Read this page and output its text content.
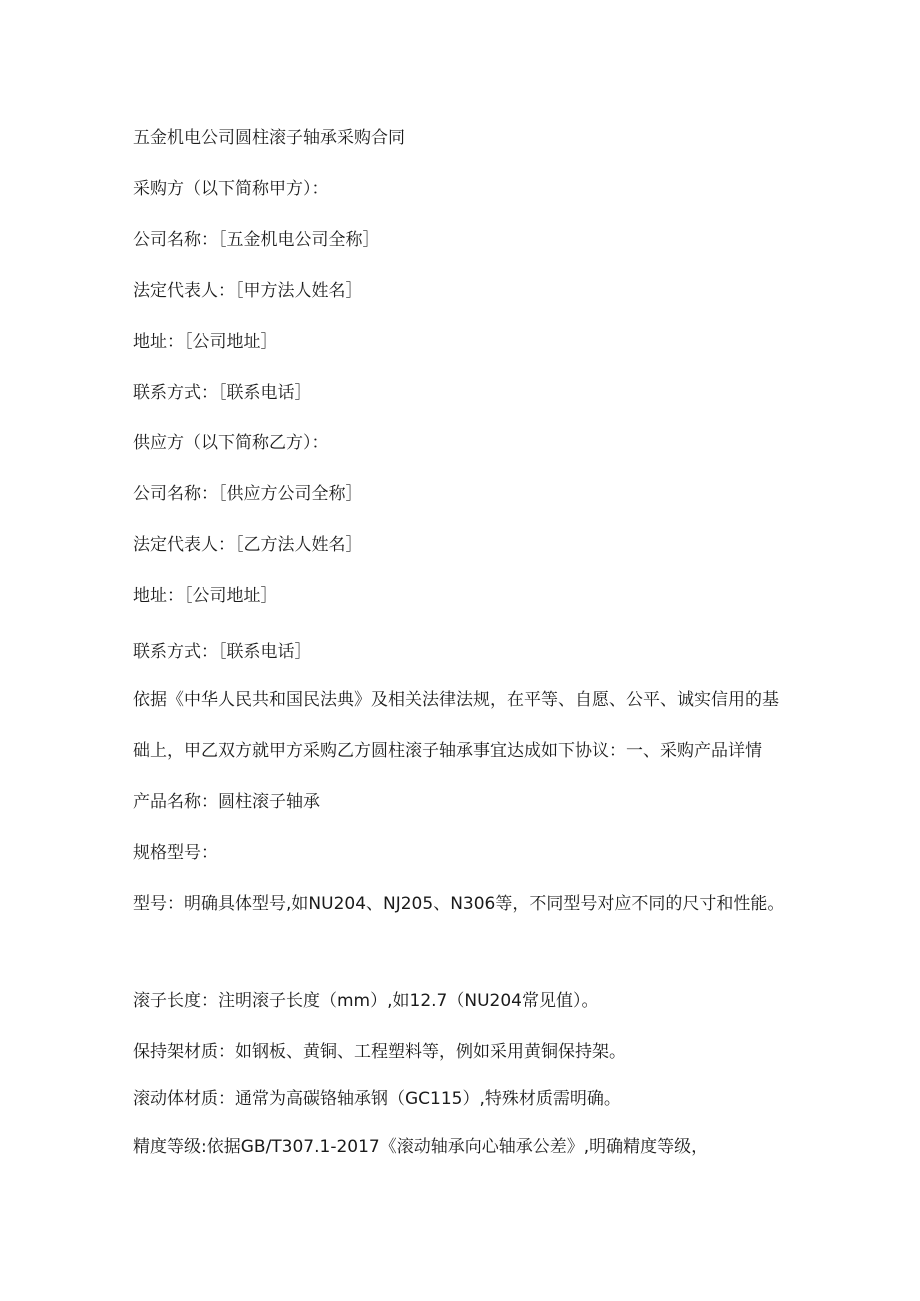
五金机电公司圆柱滚子轴承采购合同

采购方（以下简称甲方）：

公司名称：［五金机电公司全称］

法定代表人：［甲方法人姓名］

地址：［公司地址］

联系方式：［联系电话］

供应方（以下简称乙方）：

公司名称：［供应方公司全称］

法定代表人：［乙方法人姓名］

地址：［公司地址］

联系方式：［联系电话］

依据《中华人民共和国民法典》及相关法律法规，在平等、自愿、公平、诚实信用的基

础上，甲乙双方就甲方采购乙方圆柱滚子轴承事宜达成如下协议：一、采购产品详情

产品名称：圆柱滚子轴承

规格型号：

型号：明确具体型号,如NU204、NJ205、N306等，不同型号对应不同的尺寸和性能。

滚子长度：注明滚子长度（mm）,如12.7（NU204常见值）。

保持架材质：如钢板、黄铜、工程塑料等，例如采用黄铜保持架。

滚动体材质：通常为高碳铬轴承钢（GC115）,特殊材质需明确。

精度等级:依据GB/T307.1-2017《滚动轴承向心轴承公差》,明确精度等级，
